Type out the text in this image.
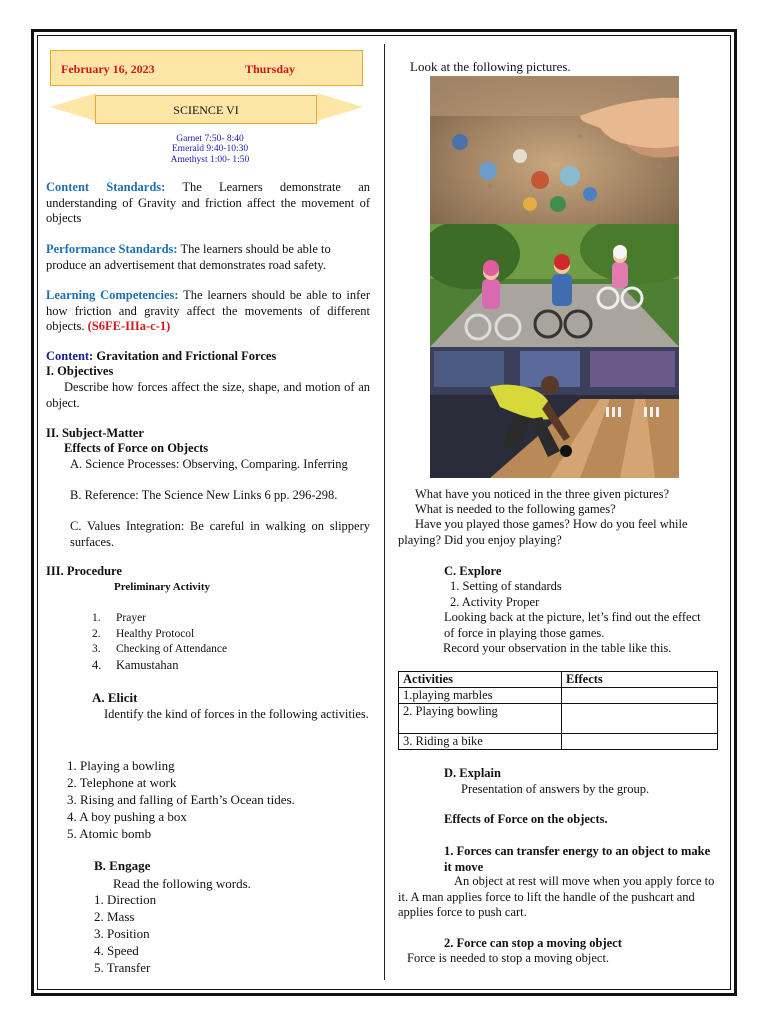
February 16, 2023	Thursday
SCIENCE VI
Garnet 7:50- 8:40
Emerald 9:40-10:30
Amethyst 1:00- 1:50
Content Standards: The Learners demonstrate an understanding of Gravity and friction affect the movement of objects
Performance Standards: The learners should be able to produce an advertisement that demonstrates road safety.
Learning Competencies: The learners should be able to infer how friction and gravity affect the movements of different objects. (S6FE-IIIa-c-1)
Content: Gravitation and Frictional Forces
I. Objectives
Describe how forces affect the size, shape, and motion of an object.
II. Subject-Matter
Effects of Force on Objects
A. Science Processes: Observing, Comparing. Inferring
B. Reference: The Science New Links 6 pp. 296-298.
C. Values Integration: Be careful in walking on slippery surfaces.
III. Procedure
Preliminary Activity
1. Prayer
2. Healthy Protocol
3. Checking of Attendance
4. Kamustahan
A. Elicit
Identify the kind of forces in the following activities.
1. Playing a bowling
2. Telephone at work
3. Rising and falling of Earth’s Ocean tides.
4. A boy pushing a box
5. Atomic bomb
B. Engage
Read the following words.
1. Direction
2. Mass
3. Position
4. Speed
5. Transfer
Look at the following pictures.
What have you noticed in the three given pictures?
What is needed to the following games?
Have you played those games? How do you feel while playing? Did you enjoy playing?
C. Explore
1. Setting of standards
2. Activity Proper
Looking back at the picture, let’s find out the effect of force in playing those games.
Record your observation in the table like this.
Activities	Effects
1.playing marbles	
2. Playing bowling	
3. Riding a bike	
D. Explain
Presentation of answers by the group.
Effects of Force on the objects.
1. Forces can transfer energy to an object to make it move
An object at rest will move when you apply force to it. A man applies force to lift the handle of the pushcart and applies force to push cart.
2. Force can stop a moving object
Force is needed to stop a moving object.
